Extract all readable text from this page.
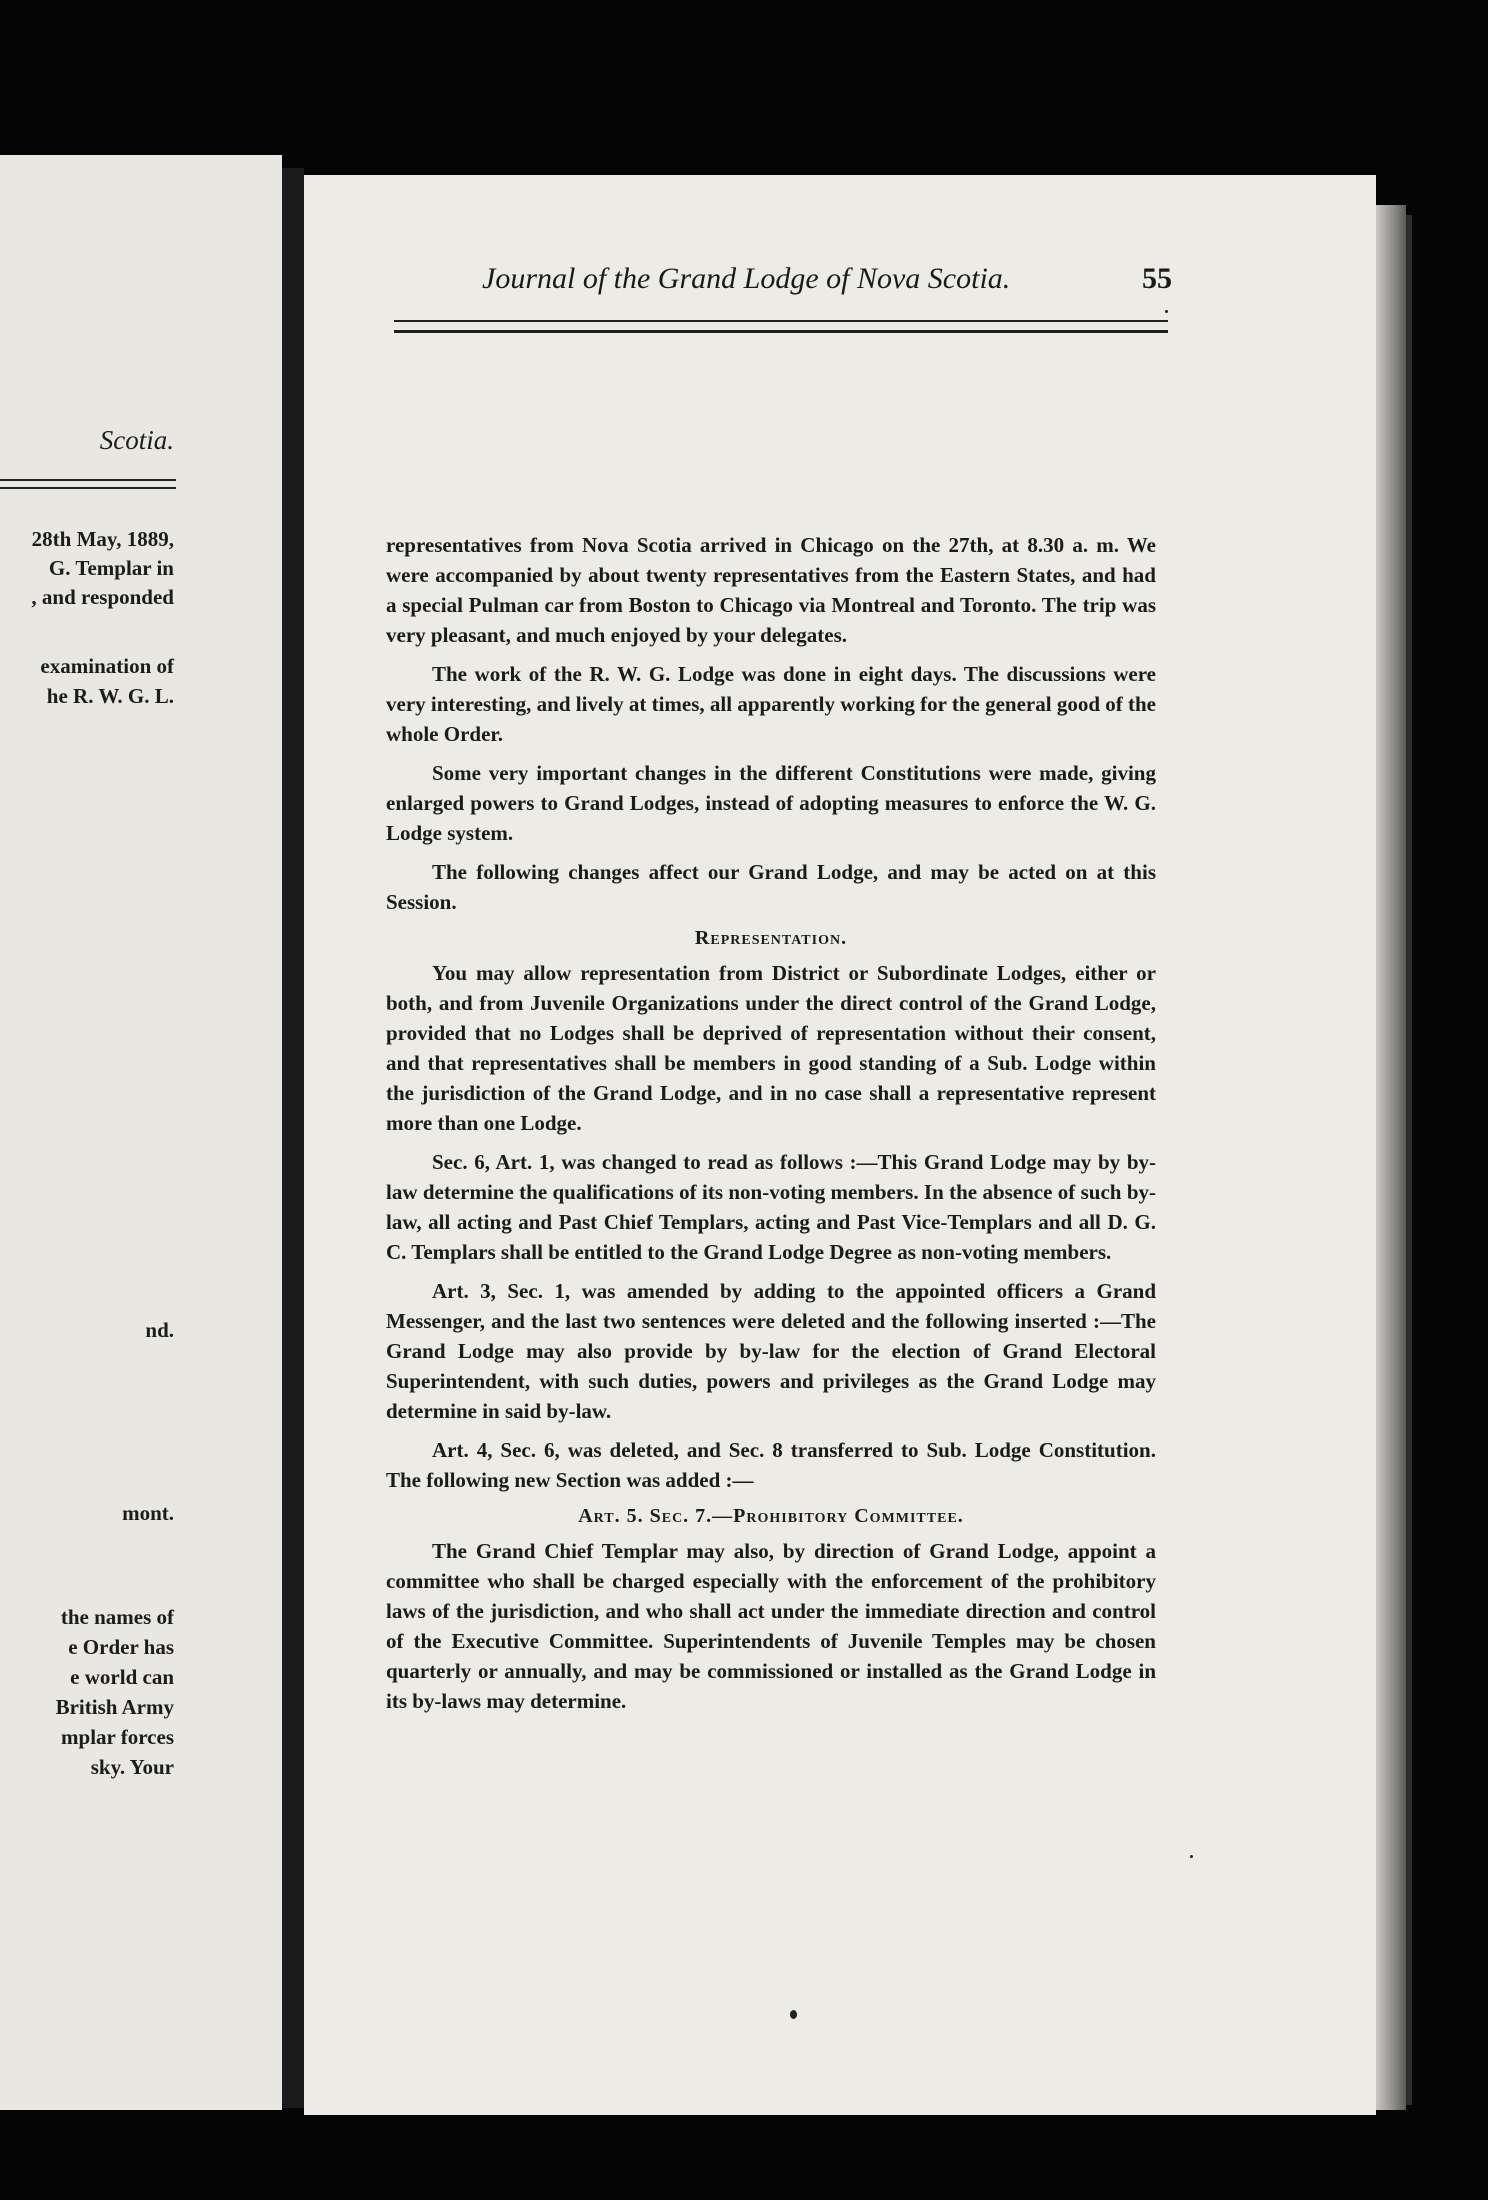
Scotia.
28th May, 1889,
G. Templar in
, and responded
examination of
he R. W. G. L.
nd.
mont.
the names of
e Order has
e world can
British Army
mplar forces
sky. Your
Journal of the Grand Lodge of Nova Scotia.	55

representatives from Nova Scotia arrived in Chicago on the 27th, at 8.30 a. m. We were accompanied by about twenty representatives from the Eastern States, and had a special Pulman car from Boston to Chicago via Montreal and Toronto. The trip was very pleasant, and much enjoyed by your delegates.

The work of the R. W. G. Lodge was done in eight days. The discussions were very interesting, and lively at times, all apparently working for the general good of the whole Order.

Some very important changes in the different Constitutions were made, giving enlarged powers to Grand Lodges, instead of adopting measures to enforce the W. G. Lodge system.

The following changes affect our Grand Lodge, and may be acted on at this Session.

Representation.

You may allow representation from District or Subordinate Lodges, either or both, and from Juvenile Organizations under the direct control of the Grand Lodge, provided that no Lodges shall be deprived of representation without their consent, and that representatives shall be members in good standing of a Sub. Lodge within the jurisdiction of the Grand Lodge, and in no case shall a representative represent more than one Lodge.

Sec. 6, Art. 1, was changed to read as follows :—This Grand Lodge may by by-law determine the qualifications of its non-voting members. In the absence of such by-law, all acting and Past Chief Templars, acting and Past Vice-Templars and all D. G. C. Templars shall be entitled to the Grand Lodge Degree as non-voting members.

Art. 3, Sec. 1, was amended by adding to the appointed officers a Grand Messenger, and the last two sentences were deleted and the following inserted :—The Grand Lodge may also provide by by-law for the election of Grand Electoral Superintendent, with such duties, powers and privileges as the Grand Lodge may determine in said by-law.

Art. 4, Sec. 6, was deleted, and Sec. 8 transferred to Sub. Lodge Constitution. The following new Section was added :—

Art. 5. Sec. 7.—Prohibitory Committee.

The Grand Chief Templar may also, by direction of Grand Lodge, appoint a committee who shall be charged especially with the enforcement of the prohibitory laws of the jurisdiction, and who shall act under the immediate direction and control of the Executive Committee. Superintendents of Juvenile Temples may be chosen quarterly or annually, and may be commissioned or installed as the Grand Lodge in its by-laws may determine.
